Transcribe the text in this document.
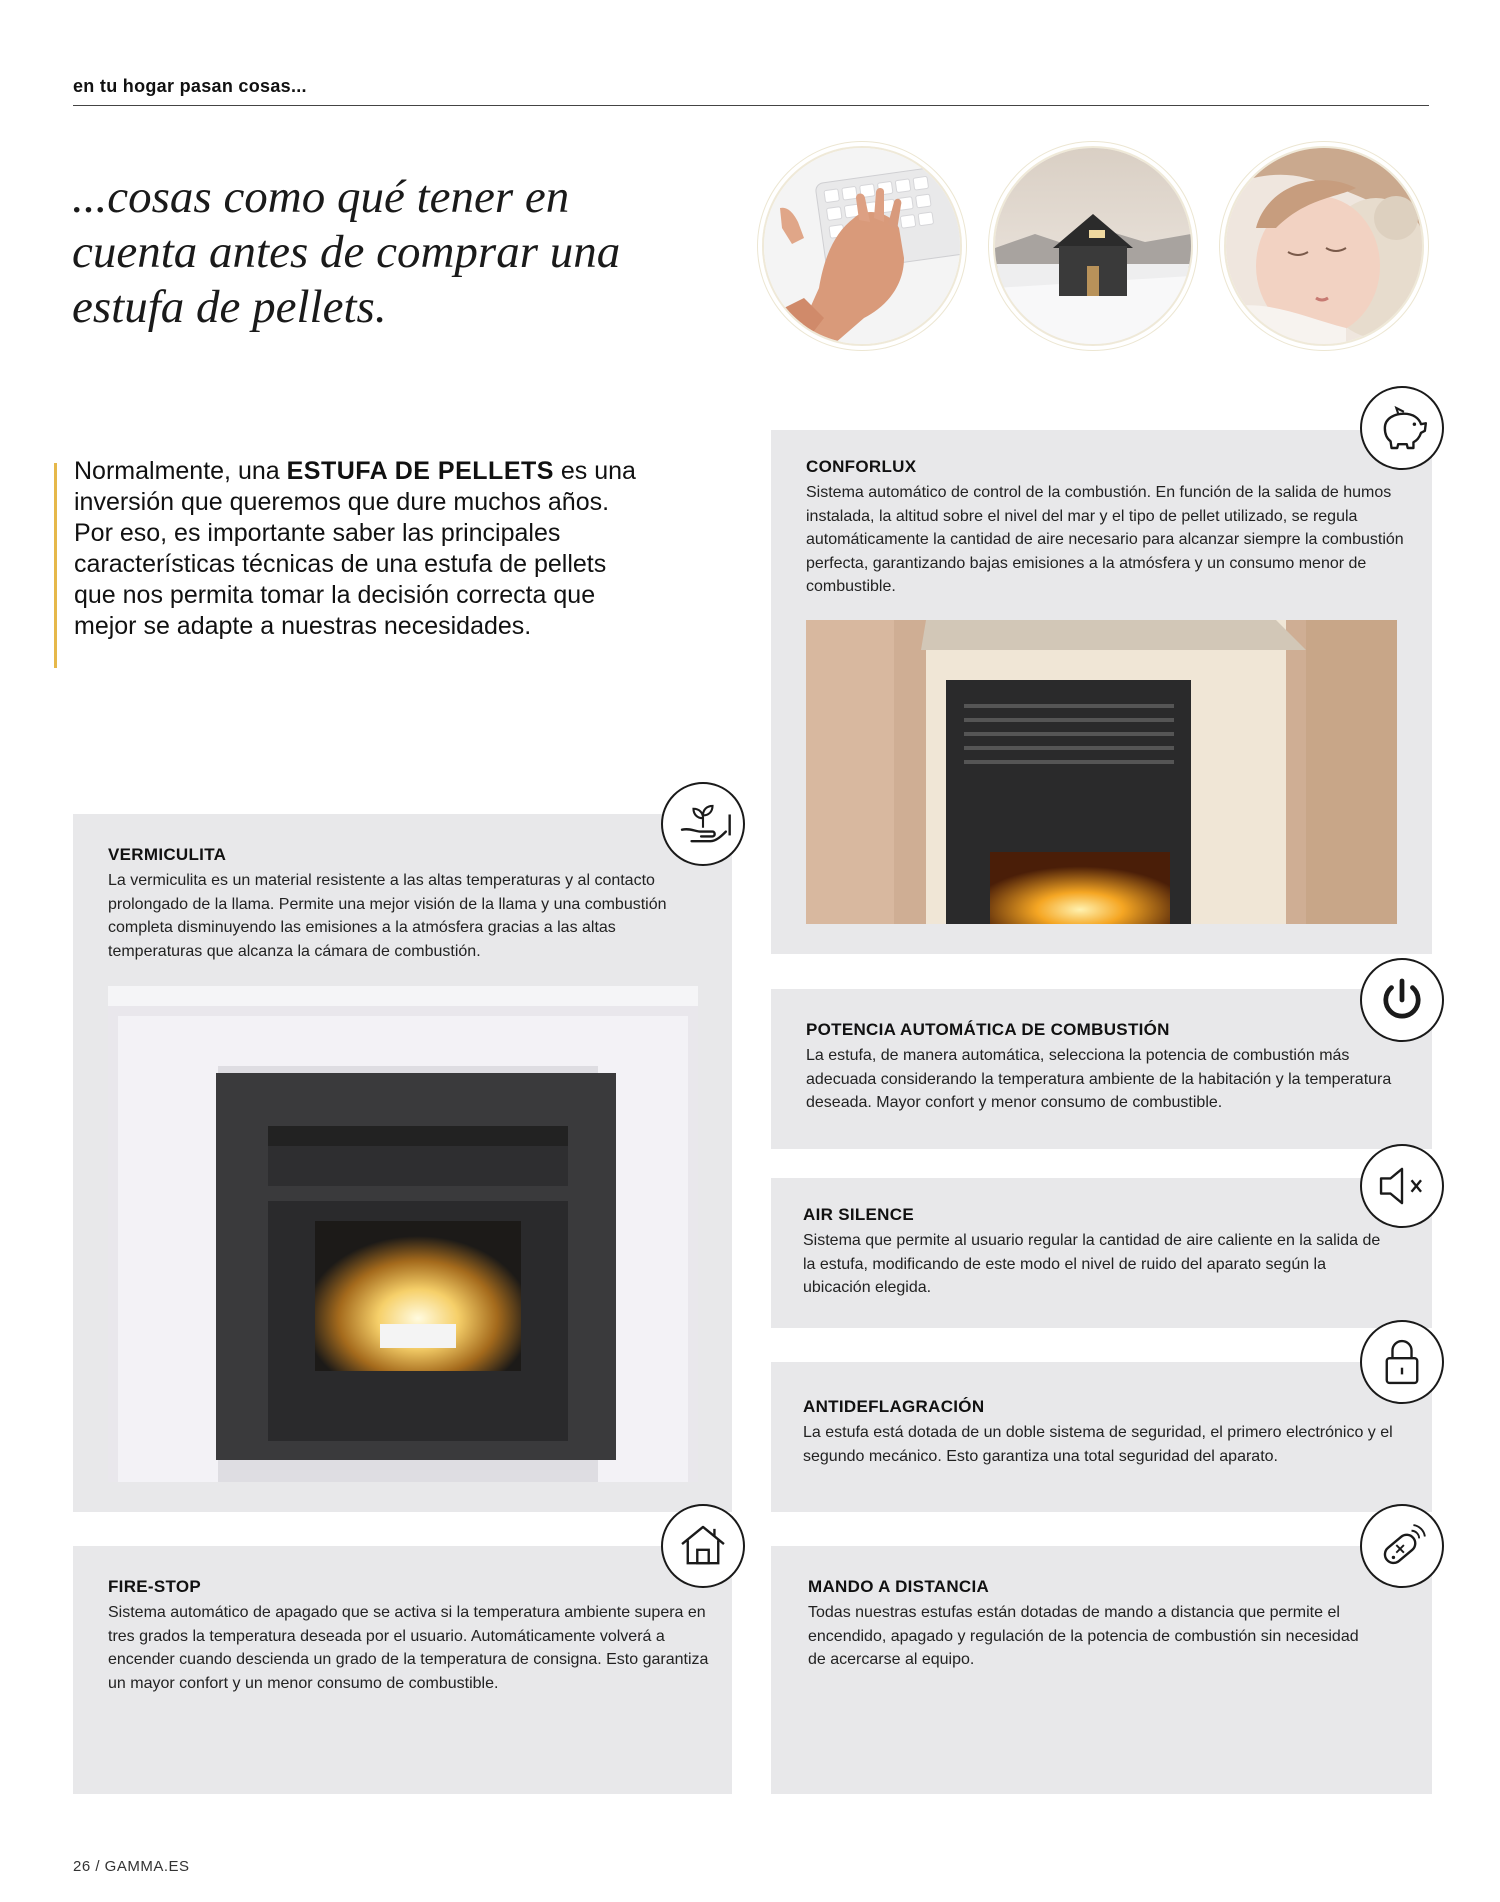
en tu hogar pasan cosas...
...cosas como qué tener en
cuenta antes de comprar una
estufa de pellets.
Normalmente, una ESTUFA DE PELLETS es una inversión que queremos que dure muchos años. Por eso, es importante saber las principales características técnicas de una estufa de pellets que nos permita tomar la decisión correcta que mejor se adapte a nuestras necesidades.
CONFORLUX
Sistema automático de control de la combustión. En función de la salida de humos instalada, la altitud sobre el nivel del mar y el tipo de pellet utilizado, se regula automáticamente la cantidad de aire necesario para alcanzar siempre la combustión perfecta, garantizando bajas emisiones a la atmósfera y un consumo menor de combustible.
VERMICULITA
La vermiculita es un material resistente a las altas temperaturas y al contacto prolongado de la llama. Permite una mejor visión de la llama y una combustión completa disminuyendo las emisiones a la atmósfera gracias a las altas temperaturas que alcanza la cámara de combustión.
POTENCIA AUTOMÁTICA DE COMBUSTIÓN
La estufa, de manera automática, selecciona la potencia de combustión más adecuada considerando la temperatura ambiente de la habitación y la temperatura deseada. Mayor confort y menor consumo de combustible.
AIR SILENCE
Sistema que permite al usuario regular la cantidad de aire caliente en la salida de la estufa, modificando de este modo el nivel de ruido del aparato según la ubicación elegida.
ANTIDEFLAGRACIÓN
La estufa está dotada de un doble sistema de seguridad, el primero electrónico y el segundo mecánico. Esto garantiza una total seguridad del aparato.
FIRE-STOP
Sistema automático de apagado que se activa si la temperatura ambiente supera en tres grados la temperatura deseada por el usuario. Automáticamente volverá a encender cuando descienda un grado de la temperatura de consigna. Esto garantiza un mayor confort y un menor consumo de combustible.
MANDO A DISTANCIA
Todas nuestras estufas están dotadas de mando a distancia que permite el encendido, apagado y regulación de la potencia de combustión sin necesidad de acercarse al equipo.
26 / GAMMA.ES
